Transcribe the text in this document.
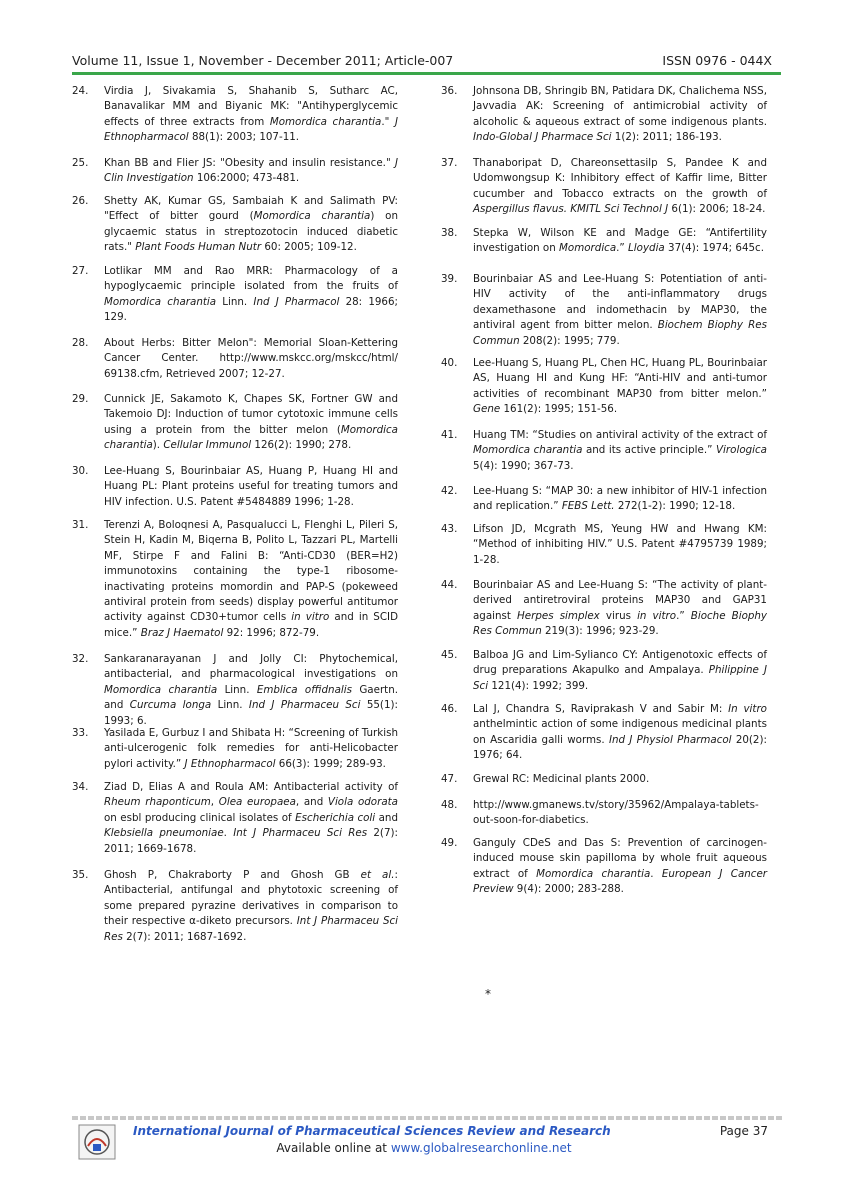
Volume 11, Issue 1, November - December 2011; Article-007	ISSN 0976 - 044X
24.	Virdia J, Sivakamia S, Shahanib S, Sutharc AC, Banavalikar MM and Biyanic MK: "Antihyperglycemic effects of three extracts from Momordica charantia." J Ethnopharmacol 88(1): 2003; 107-11.
25.	Khan BB and Flier JS: "Obesity and insulin resistance." J Clin Investigation 106:2000; 473-481.
26.	Shetty AK, Kumar GS, Sambaiah K and Salimath PV: "Effect of bitter gourd (Momordica charantia) on glycaemic status in streptozotocin induced diabetic rats." Plant Foods Human Nutr 60: 2005; 109-12.
27.	Lotlikar MM and Rao MRR: Pharmacology of a hypoglycaemic principle isolated from the fruits of Momordica charantia Linn. Ind J Pharmacol 28: 1966; 129.
28.	About Herbs: Bitter Melon": Memorial Sloan-Kettering Cancer Center. http://www.mskcc.org/mskcc/html/ 69138.cfm, Retrieved 2007; 12-27.
29.	Cunnick JE, Sakamoto K, Chapes SK, Fortner GW and Takemoio DJ: Induction of tumor cytotoxic immune cells using a protein from the bitter melon (Momordica charantia). Cellular Immunol 126(2): 1990; 278.
30.	Lee-Huang S, Bourinbaiar AS, Huang P, Huang HI and Huang PL: Plant proteins useful for treating tumors and HIV infection. U.S. Patent #5484889 1996; 1-28.
31.	Terenzi A, Boloqnesi A, Pasqualucci L, Flenghi L, Pileri S, Stein H, Kadin M, Biqerna B, Polito L, Tazzari PL, Martelli MF, Stirpe F and Falini B: “Anti-CD30 (BER=H2) immunotoxins containing the type-1 ribosome-inactivating proteins momordin and PAP-S (pokeweed antiviral protein from seeds) display powerful antitumor activity against CD30+tumor cells in vitro and in SCID mice.” Braz J Haematol 92: 1996; 872-79.
32.	Sankaranarayanan J and Jolly CI: Phytochemical, antibacterial, and pharmacological investigations on Momordica charantia Linn. Emblica offidnalis Gaertn. and Curcuma longa Linn. Ind J Pharmaceu Sci 55(1): 1993; 6.
33.	Yasilada E, Gurbuz I and Shibata H: “Screening of Turkish anti-ulcerogenic folk remedies for anti-Helicobacter pylori activity.” J Ethnopharmacol 66(3): 1999; 289-93.
34.	Ziad D, Elias A and Roula AM: Antibacterial activity of Rheum rhaponticum, Olea europaea, and Viola odorata on esbl producing clinical isolates of Escherichia coli and Klebsiella pneumoniae. Int J Pharmaceu Sci Res 2(7): 2011; 1669-1678.
35.	Ghosh P, Chakraborty P and Ghosh GB et al.: Antibacterial, antifungal and phytotoxic screening of some prepared pyrazine derivatives in comparison to their respective α-diketo precursors. Int J Pharmaceu Sci Res 2(7): 2011; 1687-1692.
36.	Johnsona DB, Shringib BN, Patidara DK, Chalichema NSS, Javvadia AK: Screening of antimicrobial activity of alcoholic & aqueous extract of some indigenous plants. Indo-Global J Pharmace Sci 1(2): 2011; 186-193.
37.	Thanaboripat D, Chareonsettasilp S, Pandee K and Udomwongsup K: Inhibitory effect of Kaffir lime, Bitter cucumber and Tobacco extracts on the growth of Aspergillus flavus. KMITL Sci Technol J 6(1): 2006; 18-24.
38.	Stepka W, Wilson KE and Madge GE: “Antifertility investigation on Momordica.” Lloydia 37(4): 1974; 645c.
39.	Bourinbaiar AS and Lee-Huang S: Potentiation of anti-HIV activity of the anti-inflammatory drugs dexamethasone and indomethacin by MAP30, the antiviral agent from bitter melon. Biochem Biophy Res Commun 208(2): 1995; 779.
40.	Lee-Huang S, Huang PL, Chen HC, Huang PL, Bourinbaiar AS, Huang HI and Kung HF: “Anti-HIV and anti-tumor activities of recombinant MAP30 from bitter melon.” Gene 161(2): 1995; 151-56.
41.	Huang TM: “Studies on antiviral activity of the extract of Momordica charantia and its active principle.” Virologica 5(4): 1990; 367-73.
42.	Lee-Huang S: “MAP 30: a new inhibitor of HIV-1 infection and replication.” FEBS Lett. 272(1-2): 1990; 12-18.
43.	Lifson JD, Mcgrath MS, Yeung HW and Hwang KM: “Method of inhibiting HIV.” U.S. Patent #4795739 1989; 1-28.
44.	Bourinbaiar AS and Lee-Huang S: “The activity of plant-derived antiretroviral proteins MAP30 and GAP31 against Herpes simplex virus in vitro.” Bioche Biophy Res Commun 219(3): 1996; 923-29.
45.	Balboa JG and Lim-Sylianco CY: Antigenotoxic effects of drug preparations Akapulko and Ampalaya. Philippine J Sci 121(4): 1992; 399.
46.	Lal J, Chandra S, Raviprakash V and Sabir M: In vitro anthelmintic action of some indigenous medicinal plants on Ascaridia galli worms. Ind J Physiol Pharmacol 20(2): 1976; 64.
47.	Grewal RC: Medicinal plants 2000.
48.	http://www.gmanews.tv/story/35962/Ampalaya-tablets-out-soon-for-diabetics.
49.	Ganguly CDeS and Das S: Prevention of carcinogen-induced mouse skin papilloma by whole fruit aqueous extract of Momordica charantia. European J Cancer Preview 9(4): 2000; 283-288.
*
International Journal of Pharmaceutical Sciences Review and Research	Page 37
Available online at www.globalresearchonline.net
